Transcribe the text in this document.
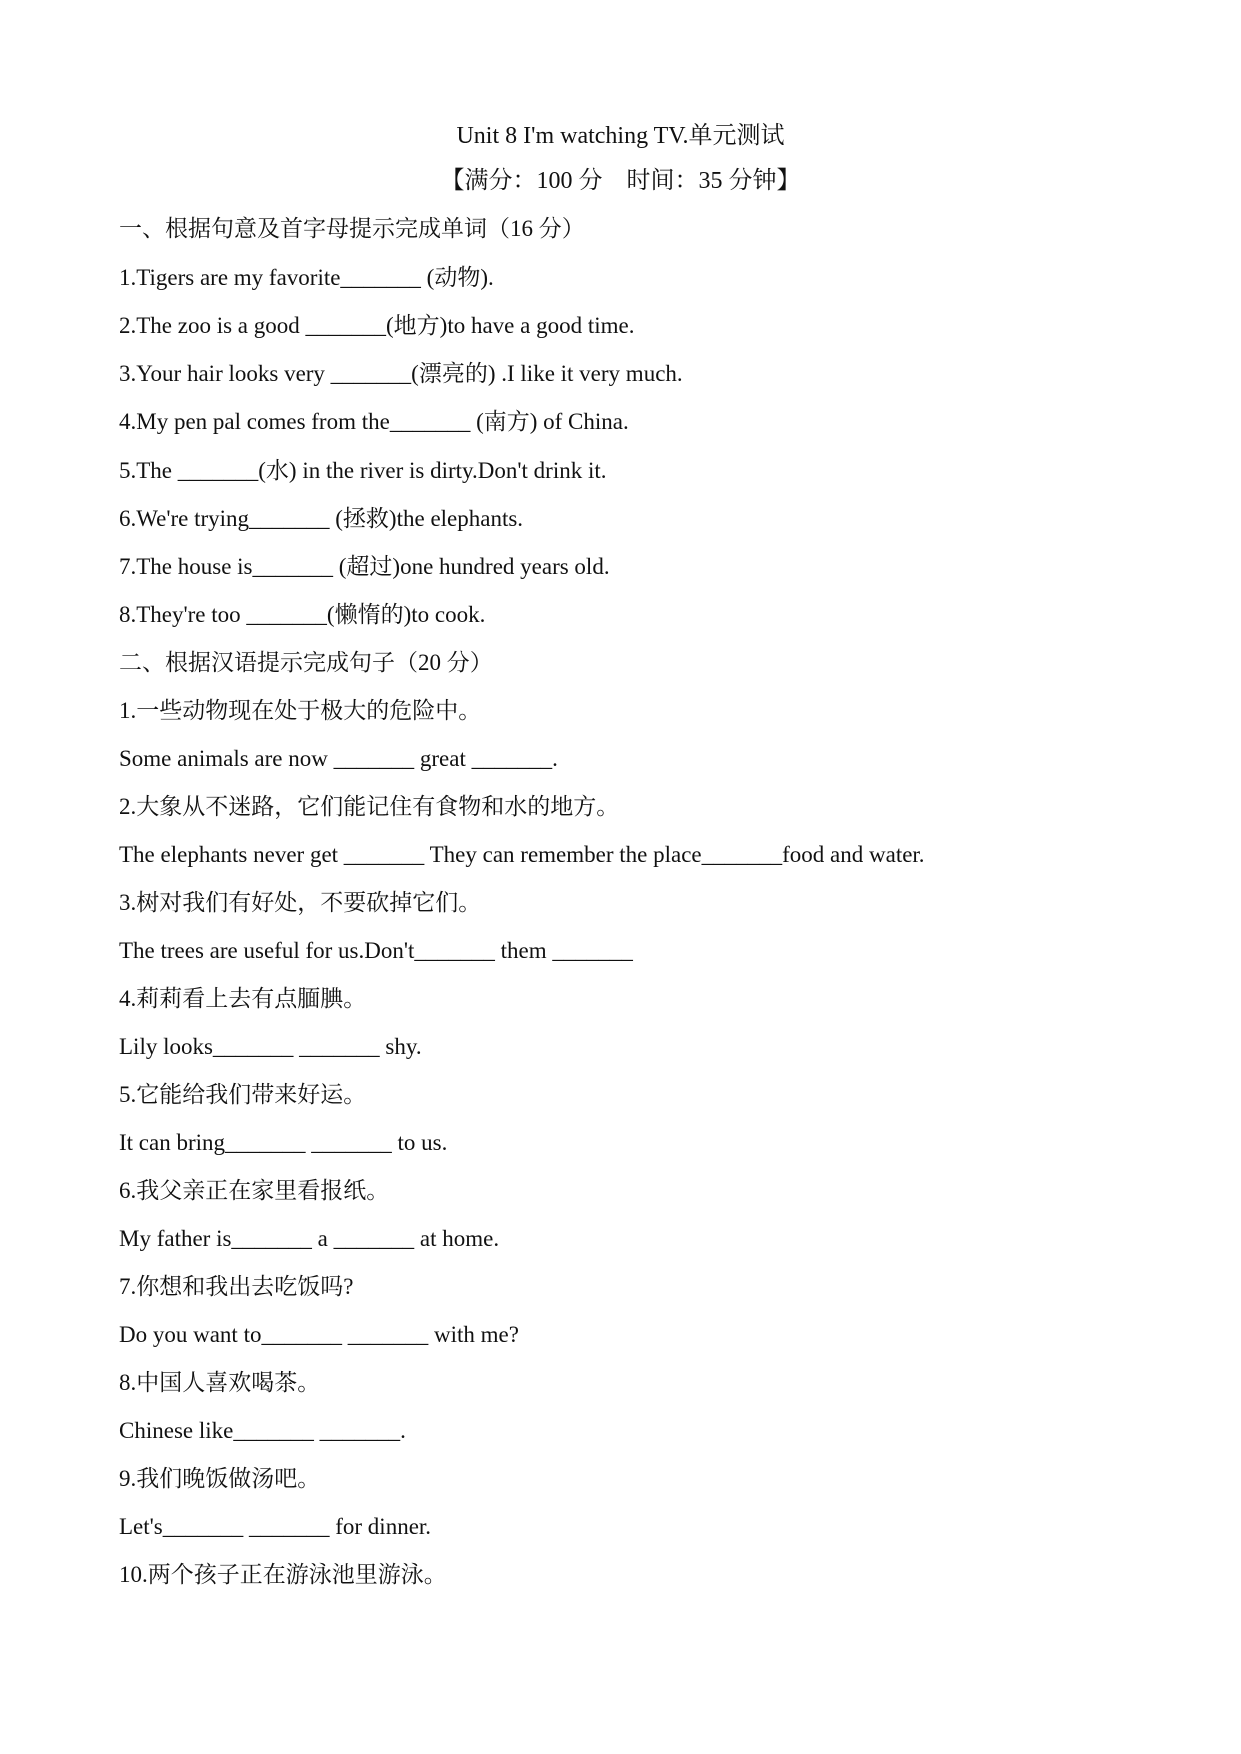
Unit 8 I'm watching TV.单元测试
【满分：100 分　时间：35 分钟】
一、根据句意及首字母提示完成单词（16 分）
1.Tigers are my favorite_______ (动物).
2.The zoo is a good _______(地方)to have a good time.
3.Your hair looks very _______(漂亮的) .I like it very much.
4.My pen pal comes from the_______ (南方) of China.
5.The _______(水) in the river is dirty.Don't drink it.
6.We're trying_______ (拯救)the elephants.
7.The house is_______ (超过)one hundred years old.
8.They're too _______(懒惰的)to cook.
二、根据汉语提示完成句子（20 分）
1.一些动物现在处于极大的危险中。
Some animals are now _______ great _______.
2.大象从不迷路，它们能记住有食物和水的地方。
The elephants never get _______ They can remember the place_______food and water.
3.树对我们有好处，不要砍掉它们。
The trees are useful for us.Don't_______ them _______
4.莉莉看上去有点腼腆。
Lily looks_______ _______ shy.
5.它能给我们带来好运。
It can bring_______ _______ to us.
6.我父亲正在家里看报纸。
My father is_______ a _______ at home.
7.你想和我出去吃饭吗?
Do you want to_______ _______ with me?
8.中国人喜欢喝茶。
Chinese like_______ _______.
9.我们晚饭做汤吧。
Let's_______ _______ for dinner.
10.两个孩子正在游泳池里游泳。
